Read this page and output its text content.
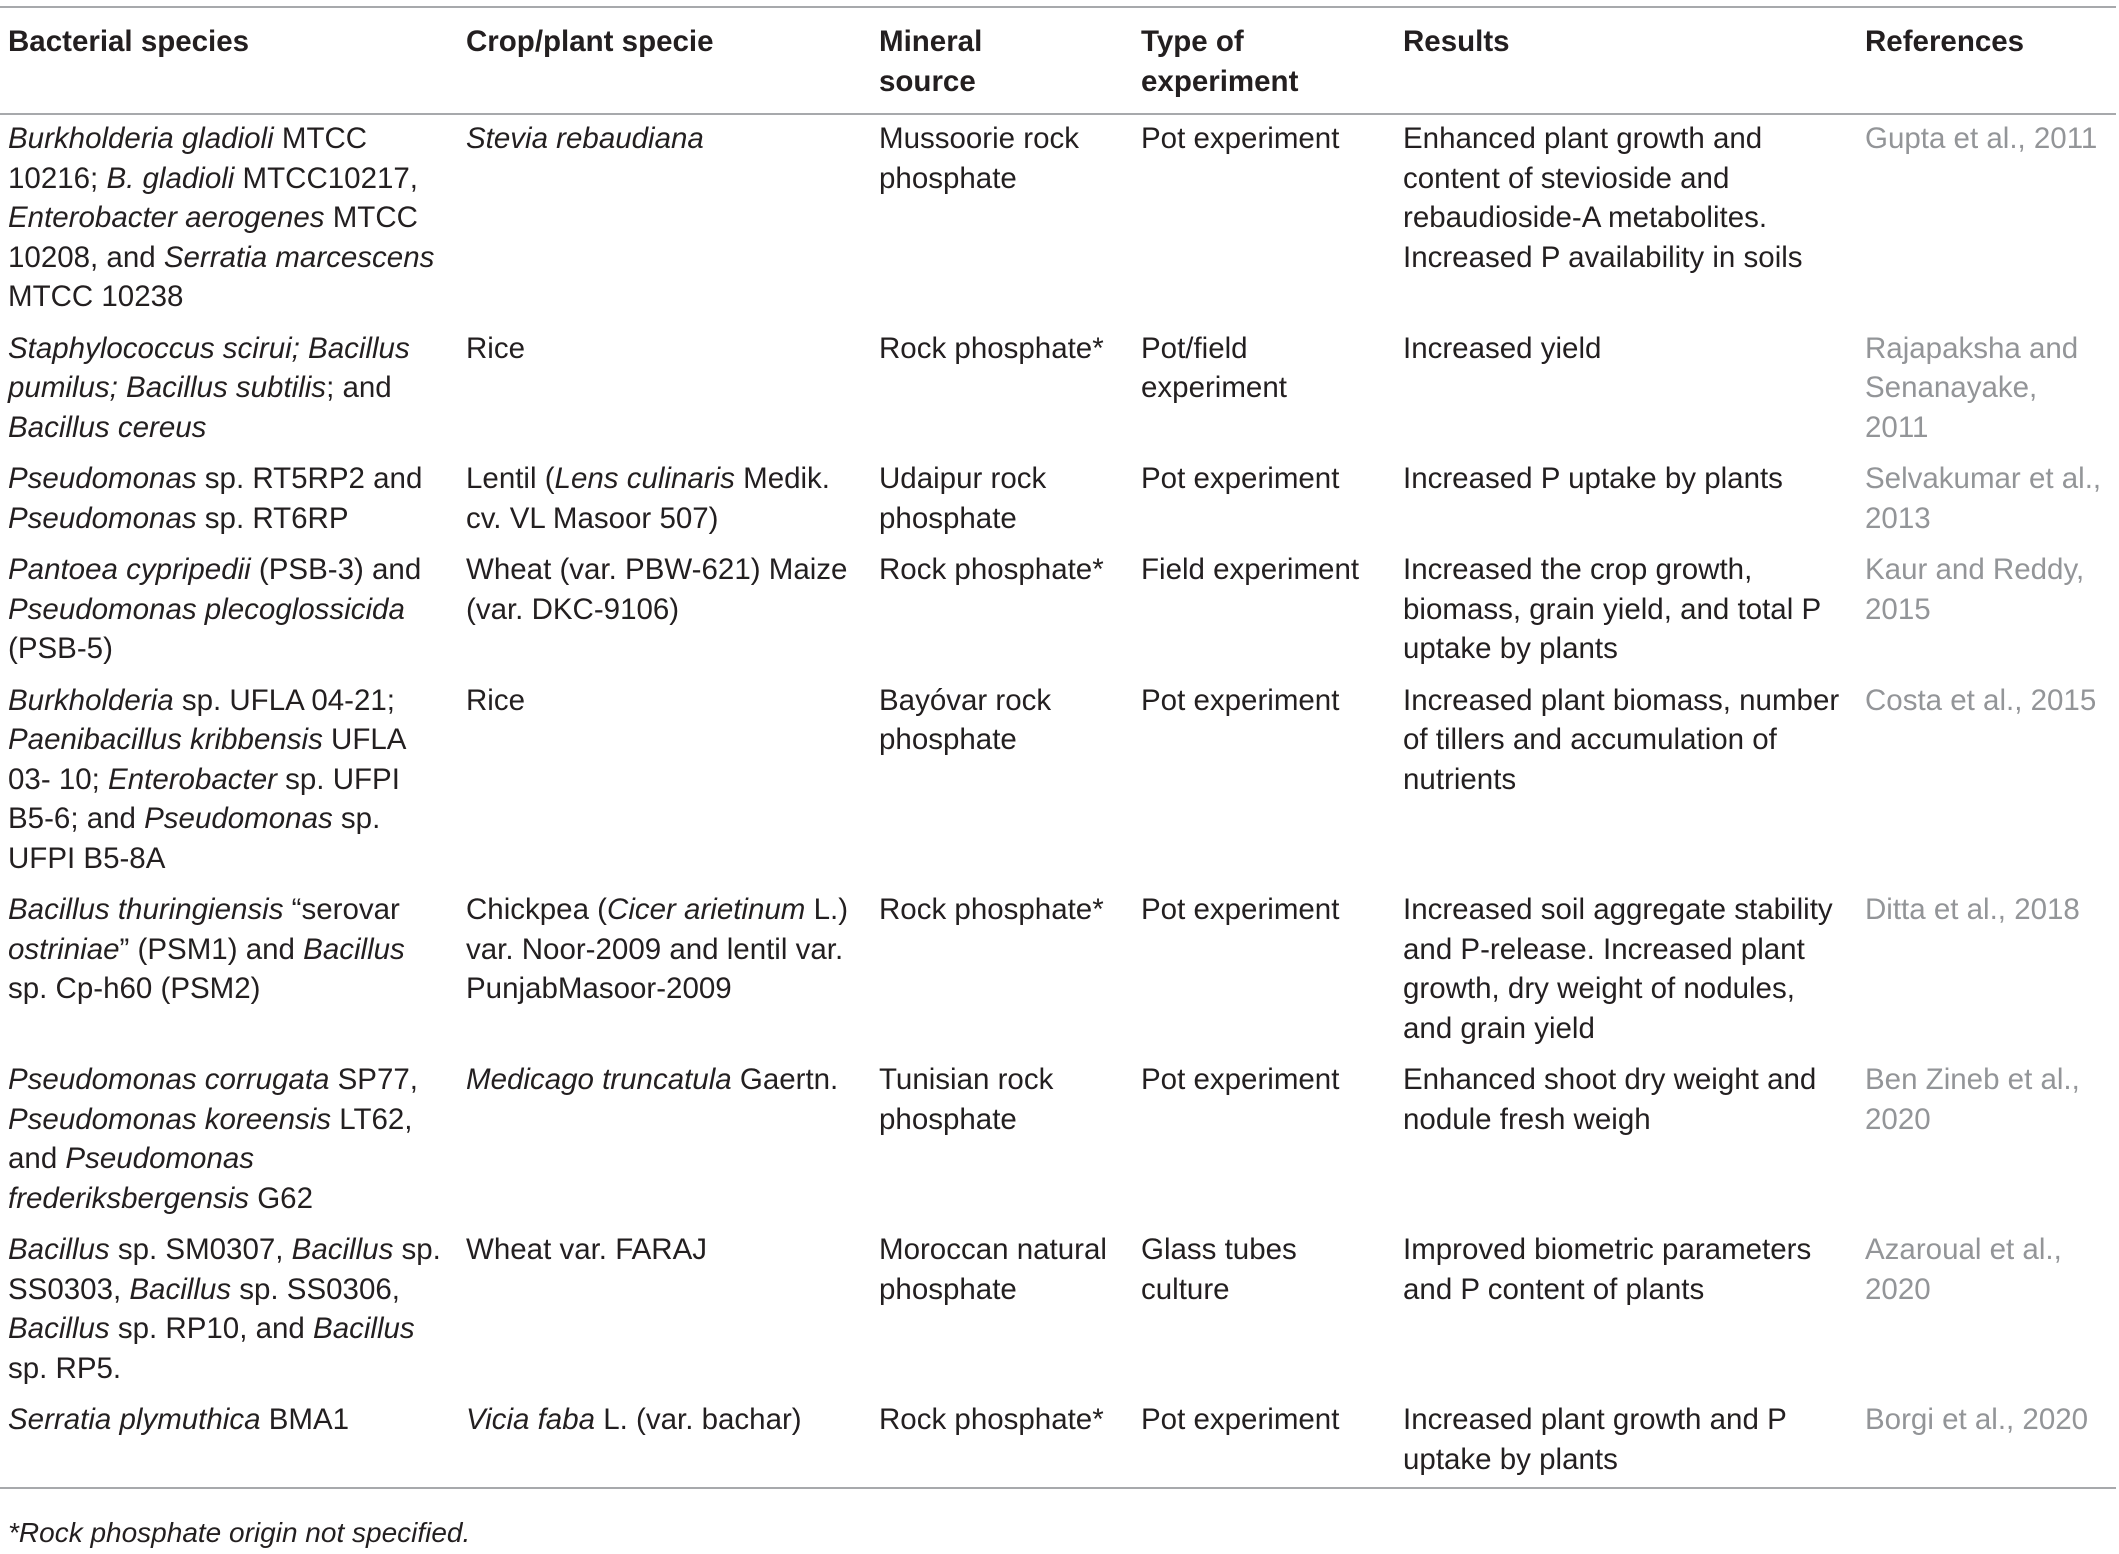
Bacterial species	Crop/plant specie	Mineral source	Type of experiment	Results	References
Burkholderia gladioli MTCC 10216; B. gladioli MTCC10217, Enterobacter aerogenes MTCC 10208, and Serratia marcescens MTCC 10238	Stevia rebaudiana	Mussoorie rock phosphate	Pot experiment	Enhanced plant growth and content of stevioside and rebaudioside-A metabolites. Increased P availability in soils	Gupta et al., 2011
Staphylococcus scirui; Bacillus pumilus; Bacillus subtilis; and Bacillus cereus	Rice	Rock phosphate*	Pot/field experiment	Increased yield	Rajapaksha and Senanayake, 2011
Pseudomonas sp. RT5RP2 and Pseudomonas sp. RT6RP	Lentil (Lens culinaris Medik. cv. VL Masoor 507)	Udaipur rock phosphate	Pot experiment	Increased P uptake by plants	Selvakumar et al., 2013
Pantoea cypripedii (PSB-3) and Pseudomonas plecoglossicida (PSB-5)	Wheat (var. PBW-621) Maize (var. DKC-9106)	Rock phosphate*	Field experiment	Increased the crop growth, biomass, grain yield, and total P uptake by plants	Kaur and Reddy, 2015
Burkholderia sp. UFLA 04-21; Paenibacillus kribbensis UFLA 03- 10; Enterobacter sp. UFPI B5-6; and Pseudomonas sp. UFPI B5-8A	Rice	Bayóvar rock phosphate	Pot experiment	Increased plant biomass, number of tillers and accumulation of nutrients	Costa et al., 2015
Bacillus thuringiensis “serovar ostriniae” (PSM1) and Bacillus sp. Cp-h60 (PSM2)	Chickpea (Cicer arietinum L.) var. Noor-2009 and lentil var. PunjabMasoor-2009	Rock phosphate*	Pot experiment	Increased soil aggregate stability and P-release. Increased plant growth, dry weight of nodules, and grain yield	Ditta et al., 2018
Pseudomonas corrugata SP77, Pseudomonas koreensis LT62, and Pseudomonas frederiksbergensis G62	Medicago truncatula Gaertn.	Tunisian rock phosphate	Pot experiment	Enhanced shoot dry weight and nodule fresh weigh	Ben Zineb et al., 2020
Bacillus sp. SM0307, Bacillus sp. SS0303, Bacillus sp. SS0306, Bacillus sp. RP10, and Bacillus sp. RP5.	Wheat var. FARAJ	Moroccan natural phosphate	Glass tubes culture	Improved biometric parameters and P content of plants	Azaroual et al., 2020
Serratia plymuthica BMA1	Vicia faba L. (var. bachar)	Rock phosphate*	Pot experiment	Increased plant growth and P uptake by plants	Borgi et al., 2020
*Rock phosphate origin not specified.
